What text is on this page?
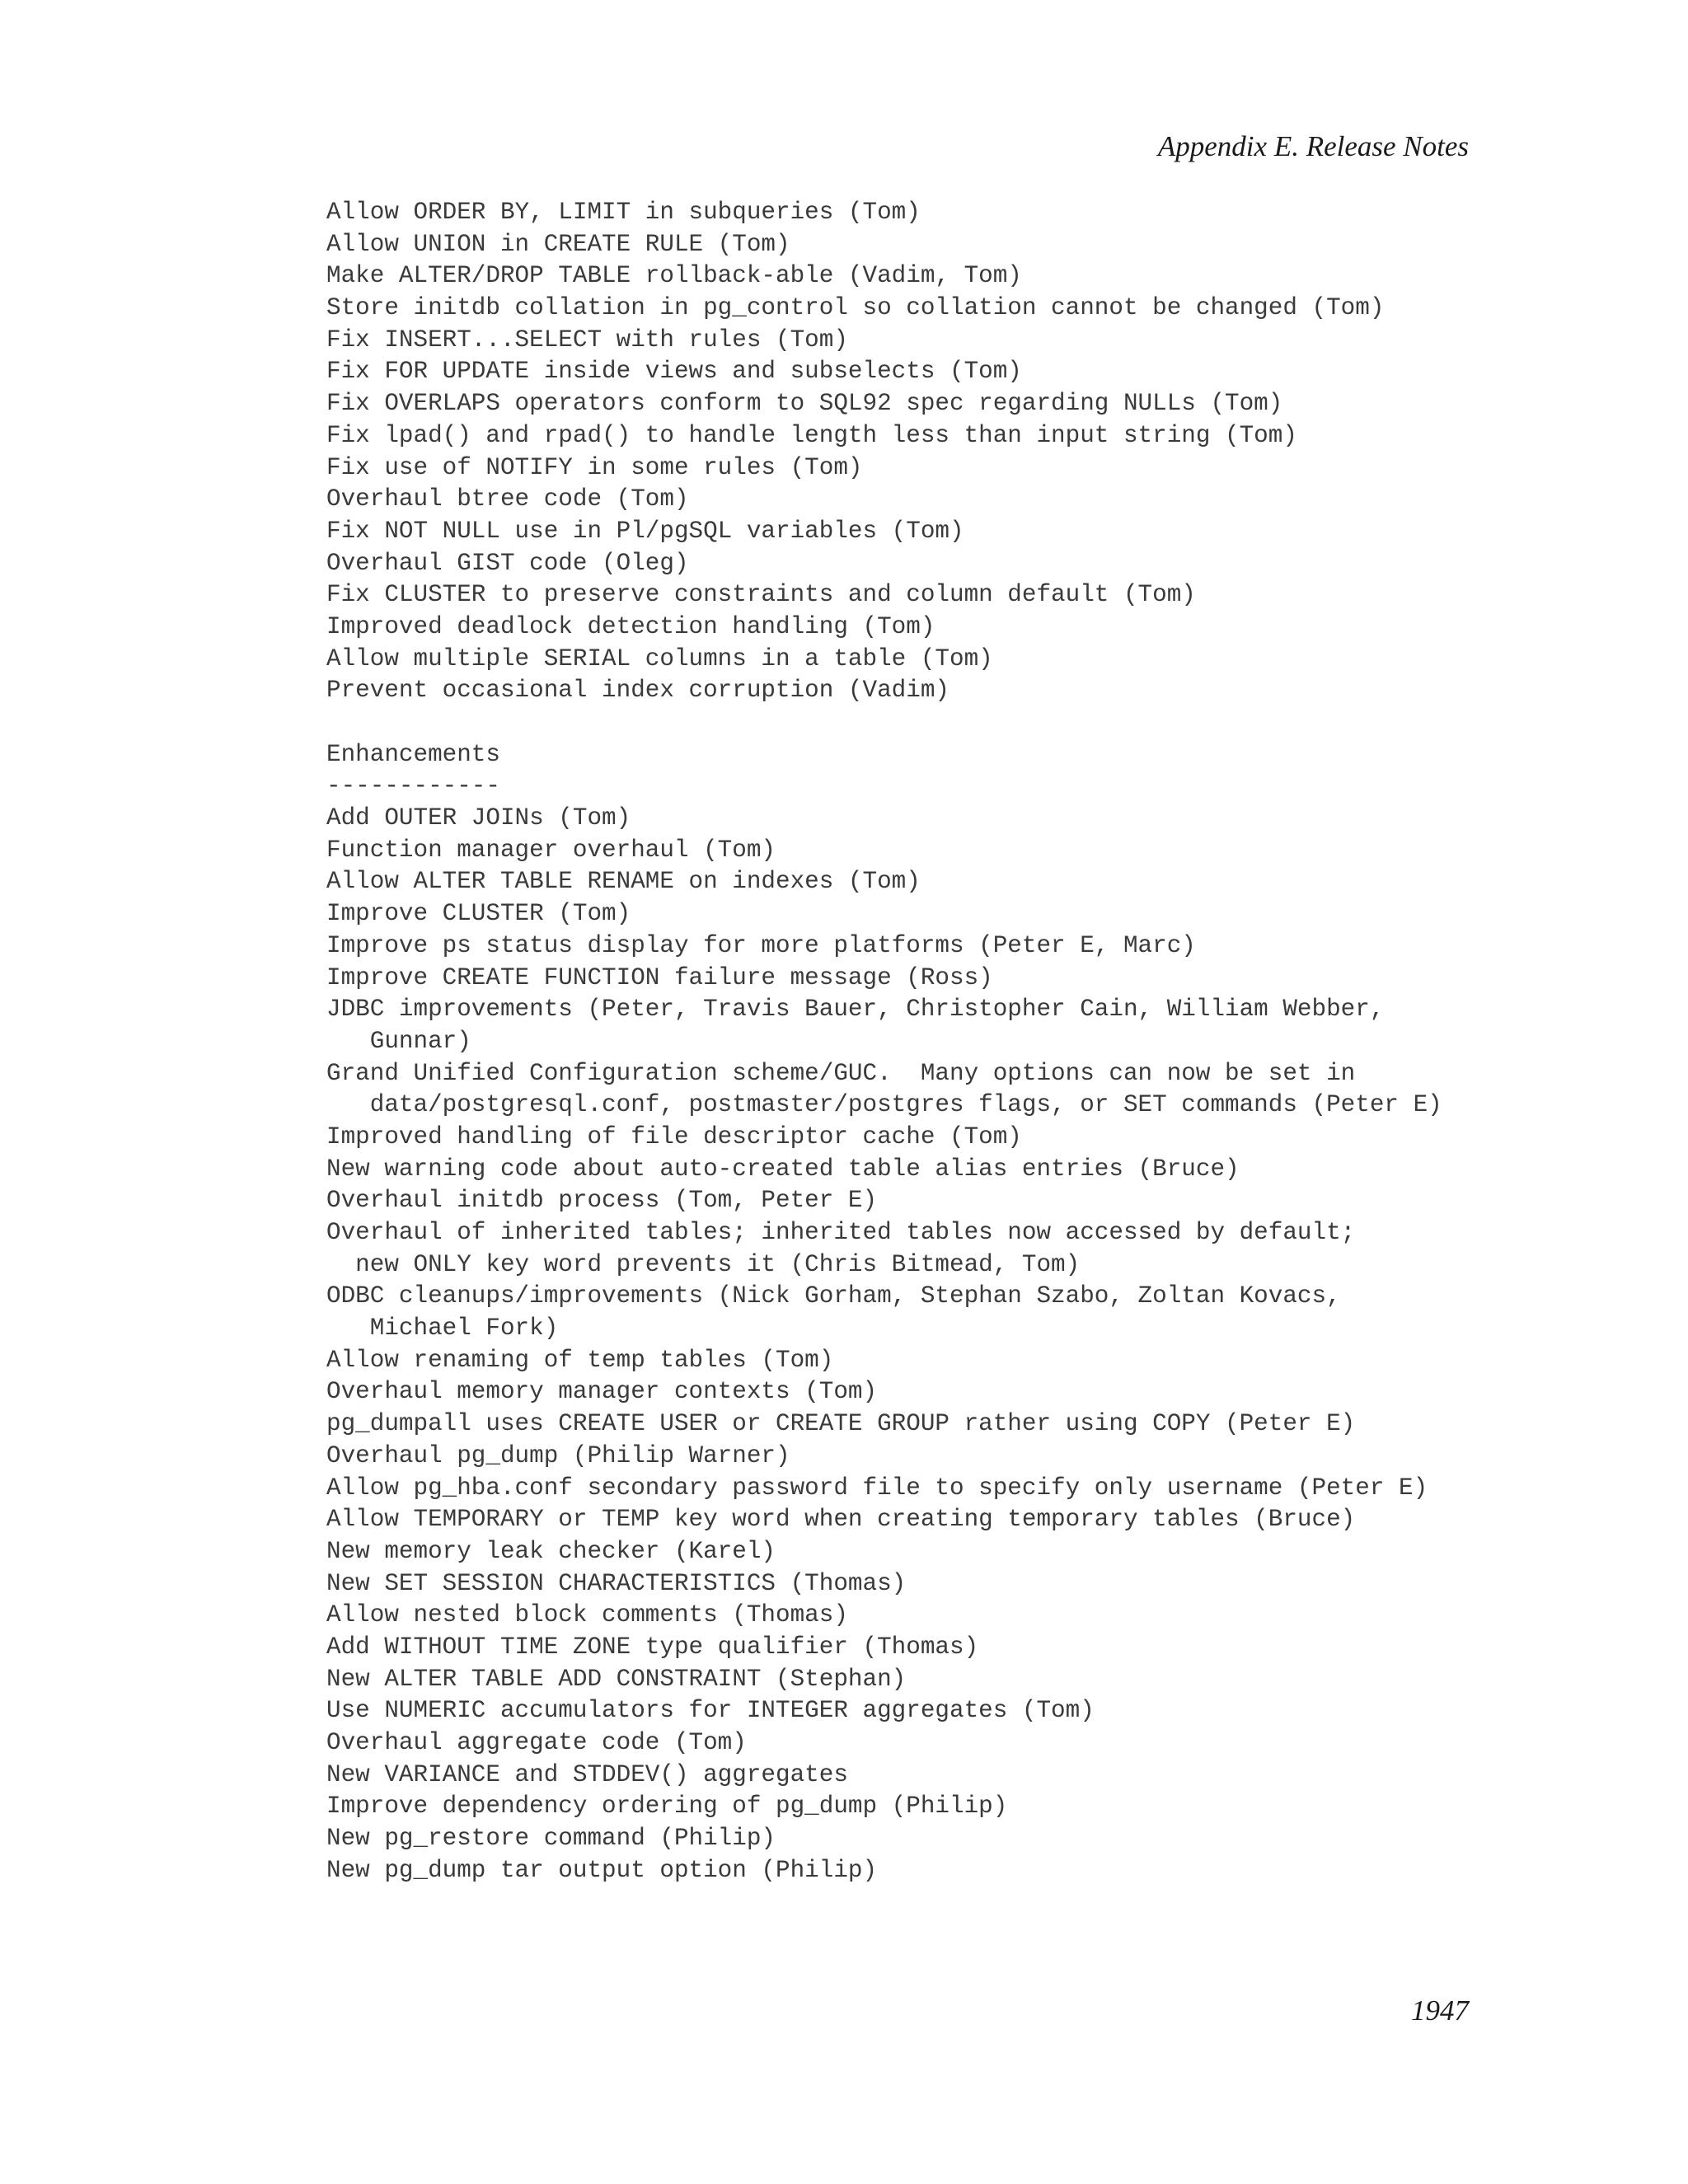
Appendix E. Release Notes
Allow ORDER BY, LIMIT in subqueries (Tom)
Allow UNION in CREATE RULE (Tom)
Make ALTER/DROP TABLE rollback-able (Vadim, Tom)
Store initdb collation in pg_control so collation cannot be changed (Tom)
Fix INSERT...SELECT with rules (Tom)
Fix FOR UPDATE inside views and subselects (Tom)
Fix OVERLAPS operators conform to SQL92 spec regarding NULLs (Tom)
Fix lpad() and rpad() to handle length less than input string (Tom)
Fix use of NOTIFY in some rules (Tom)
Overhaul btree code (Tom)
Fix NOT NULL use in Pl/pgSQL variables (Tom)
Overhaul GIST code (Oleg)
Fix CLUSTER to preserve constraints and column default (Tom)
Improved deadlock detection handling (Tom)
Allow multiple SERIAL columns in a table (Tom)
Prevent occasional index corruption (Vadim)
Enhancements
------------
Add OUTER JOINs (Tom)
Function manager overhaul (Tom)
Allow ALTER TABLE RENAME on indexes (Tom)
Improve CLUSTER (Tom)
Improve ps status display for more platforms (Peter E, Marc)
Improve CREATE FUNCTION failure message (Ross)
JDBC improvements (Peter, Travis Bauer, Christopher Cain, William Webber,
Gunnar)
Grand Unified Configuration scheme/GUC.  Many options can now be set in
data/postgresql.conf, postmaster/postgres flags, or SET commands (Peter E)
Improved handling of file descriptor cache (Tom)
New warning code about auto-created table alias entries (Bruce)
Overhaul initdb process (Tom, Peter E)
Overhaul of inherited tables; inherited tables now accessed by default;
new ONLY key word prevents it (Chris Bitmead, Tom)
ODBC cleanups/improvements (Nick Gorham, Stephan Szabo, Zoltan Kovacs,
Michael Fork)
Allow renaming of temp tables (Tom)
Overhaul memory manager contexts (Tom)
pg_dumpall uses CREATE USER or CREATE GROUP rather using COPY (Peter E)
Overhaul pg_dump (Philip Warner)
Allow pg_hba.conf secondary password file to specify only username (Peter E)
Allow TEMPORARY or TEMP key word when creating temporary tables (Bruce)
New memory leak checker (Karel)
New SET SESSION CHARACTERISTICS (Thomas)
Allow nested block comments (Thomas)
Add WITHOUT TIME ZONE type qualifier (Thomas)
New ALTER TABLE ADD CONSTRAINT (Stephan)
Use NUMERIC accumulators for INTEGER aggregates (Tom)
Overhaul aggregate code (Tom)
New VARIANCE and STDDEV() aggregates
Improve dependency ordering of pg_dump (Philip)
New pg_restore command (Philip)
New pg_dump tar output option (Philip)
1947
